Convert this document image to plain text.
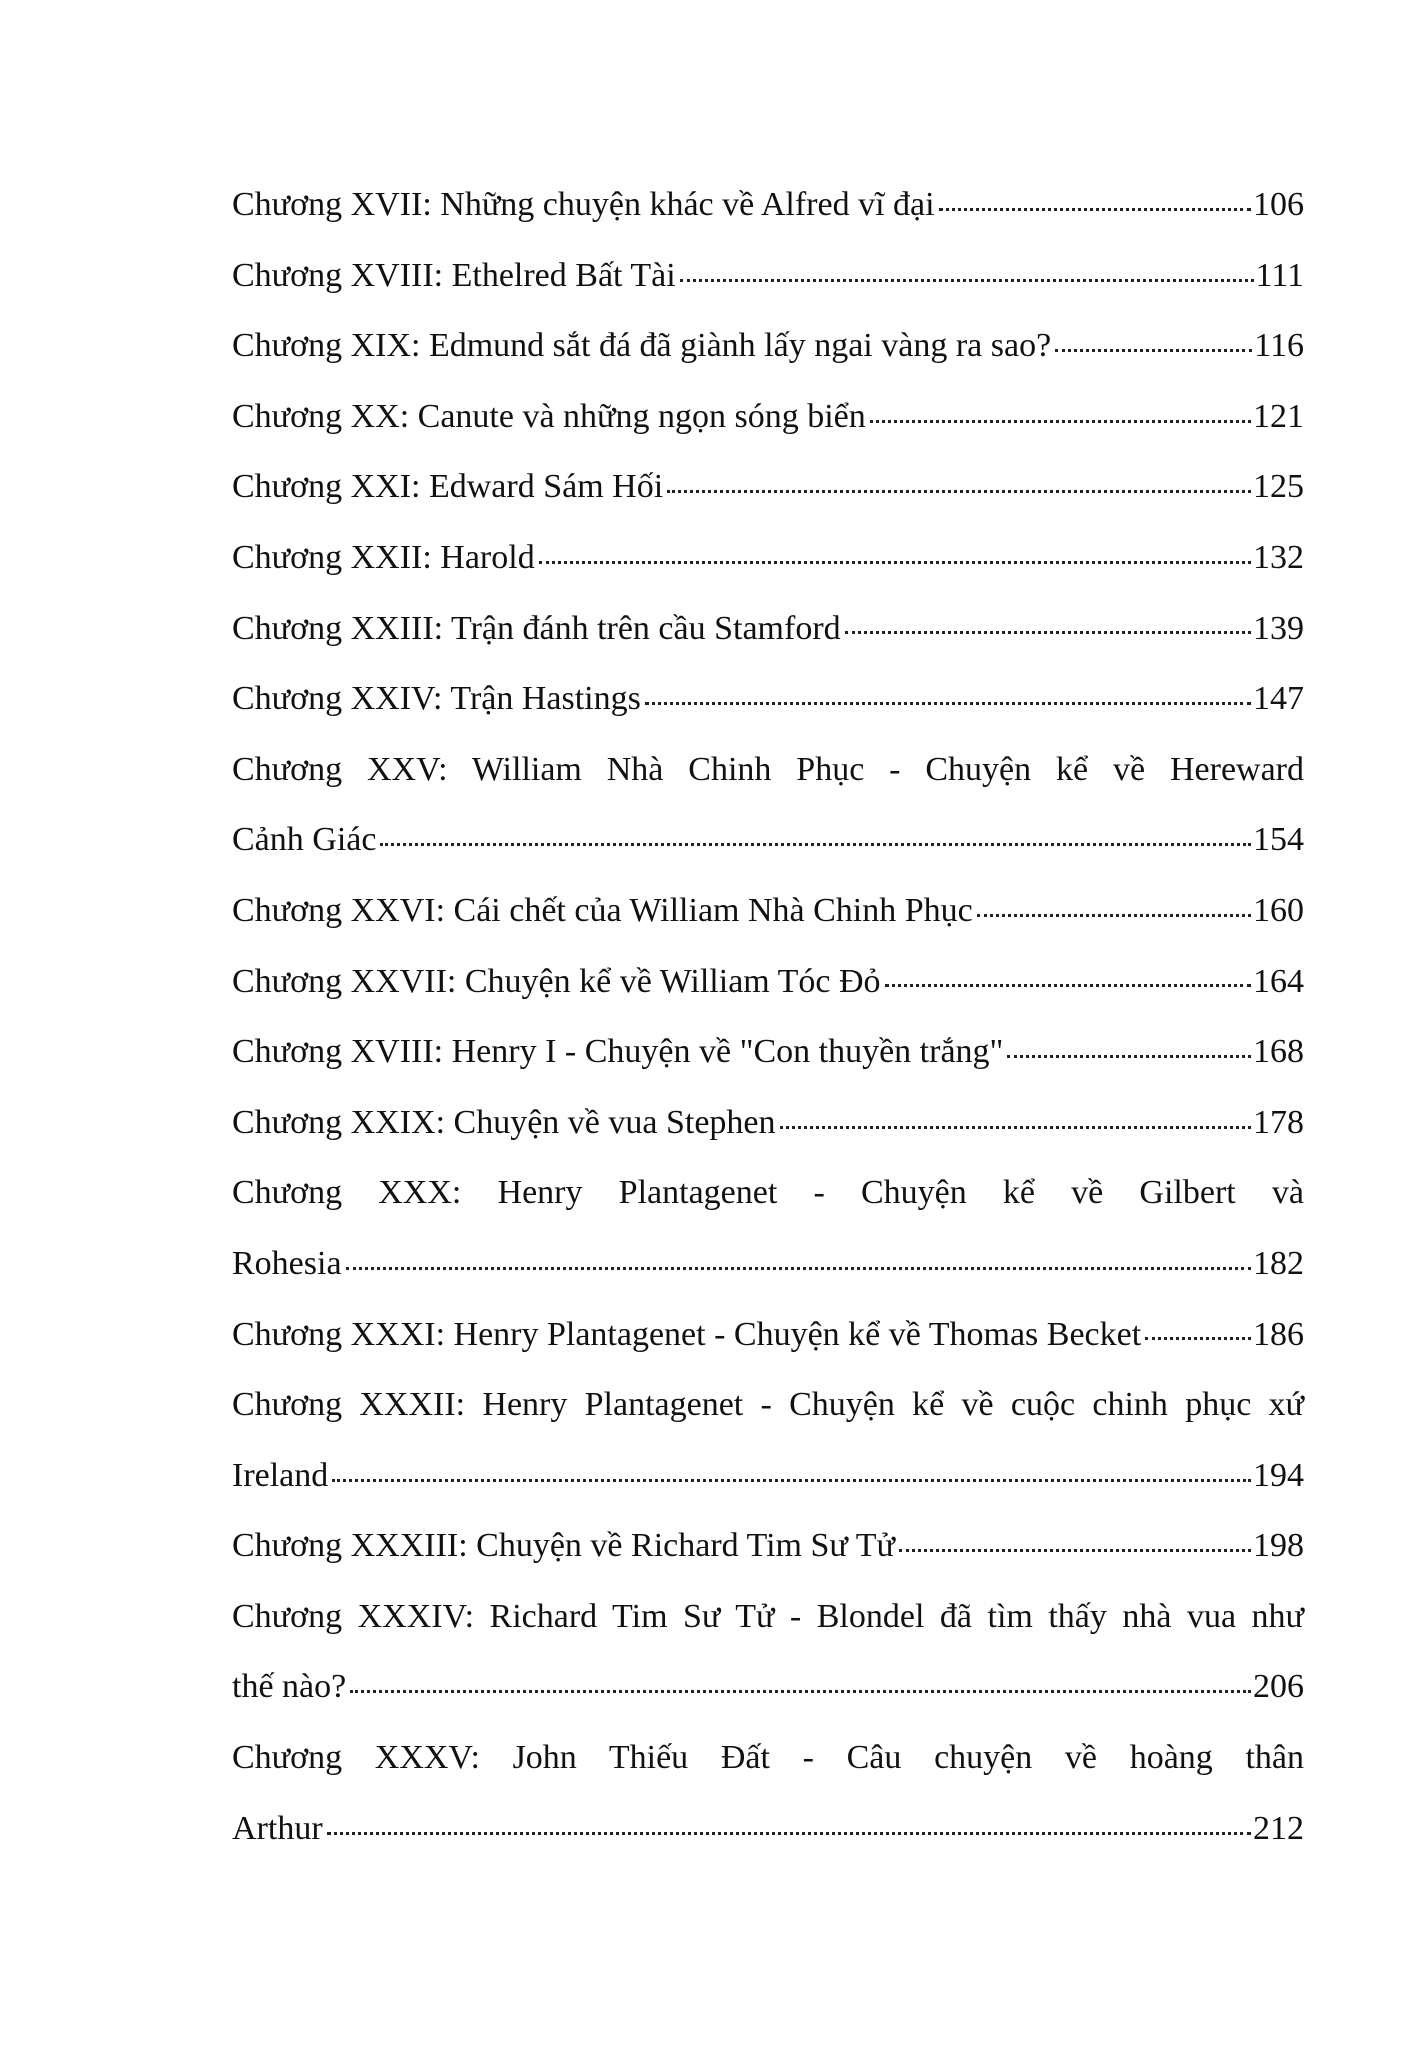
Chương XVII: Những chuyện khác về Alfred vĩ đại	106
Chương XVIII: Ethelred Bất Tài	111
Chương XIX: Edmund sắt đá đã giành lấy ngai vàng ra sao?	116
Chương XX: Canute và những ngọn sóng biển	121
Chương XXI: Edward Sám Hối	125
Chương XXII: Harold	132
Chương XXIII: Trận đánh trên cầu Stamford	139
Chương XXIV: Trận Hastings	147
Chương XXV: William Nhà Chinh Phục - Chuyện kể về Hereward
Cảnh Giác	154
Chương XXVI: Cái chết của William Nhà Chinh Phục	160
Chương XXVII: Chuyện kể về William Tóc Đỏ	164
Chương XVIII: Henry I - Chuyện về "Con thuyền trắng"	168
Chương XXIX: Chuyện về vua Stephen	178
Chương XXX: Henry Plantagenet - Chuyện kể về Gilbert và
Rohesia	182
Chương XXXI: Henry Plantagenet - Chuyện kể về Thomas Becket	186
Chương XXXII: Henry Plantagenet - Chuyện kể về cuộc chinh phục xứ
Ireland	194
Chương XXXIII: Chuyện về Richard Tim Sư Tử	198
Chương XXXIV: Richard Tim Sư Tử - Blondel đã tìm thấy nhà vua như
thế nào?	206
Chương XXXV: John Thiếu Đất - Câu chuyện về hoàng thân
Arthur	212
